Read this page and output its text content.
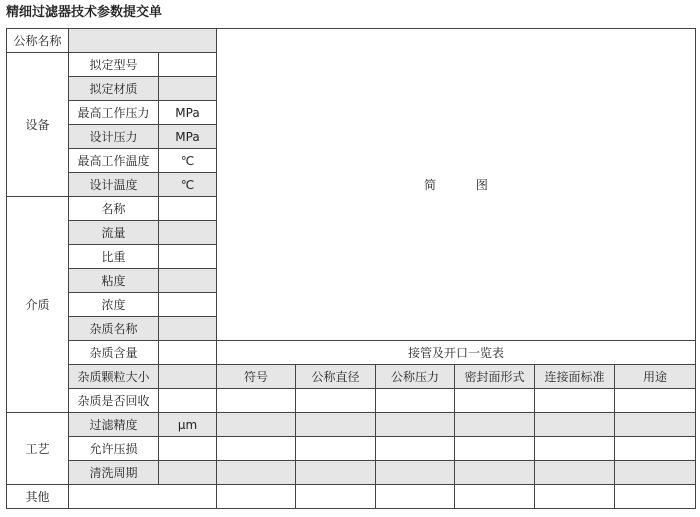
精细过滤器技术参数提交单
公称名称			简 图					
设备	拟定型号							
	拟定材质							
	最高工作压力	MPa						
	设计压力	MPa						
	最高工作温度	℃						
	设计温度	℃						
介质	名称							
	流量							
	比重							
	粘度							
	浓度							
	杂质名称							
	杂质含量		接管及开口一览表					
	杂质颗粒大小		符号	公称直径	公称压力	密封面形式	连接面标准	用途
	杂质是否回收							
工艺	过滤精度	μm						
	允许压损							
	清洗周期							
其他								
